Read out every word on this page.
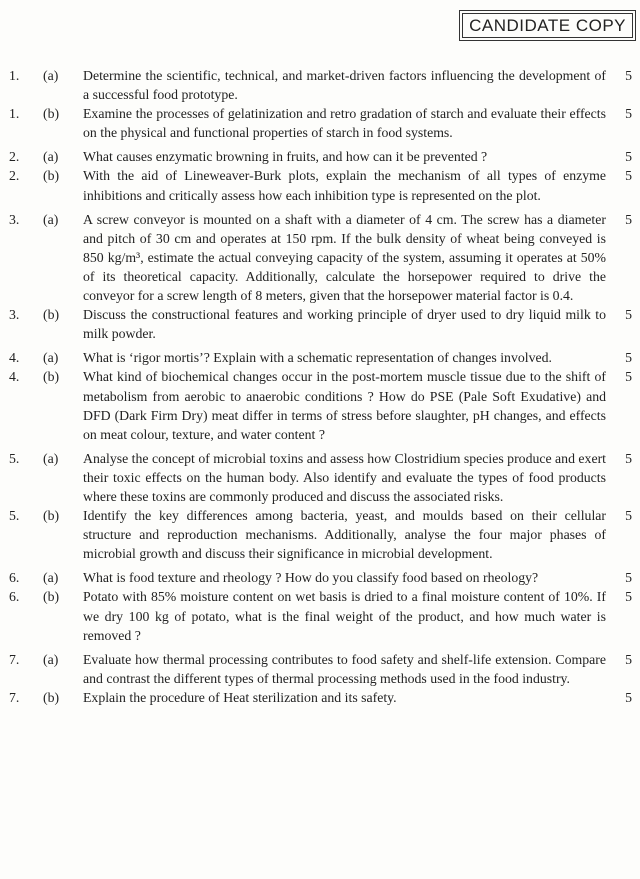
CANDIDATE COPY
1.	(a)	Determine the scientific, technical, and market-driven factors influencing the development of a successful food prototype.
5
1.	(b)	Examine the processes of gelatinization and retro gradation of starch and evaluate their effects on the physical and functional properties of starch in food systems.
5
2.	(a)	What causes enzymatic browning in fruits, and how can it be prevented ?	5
2.	(b)	With the aid of Lineweaver-Burk plots, explain the mechanism of all types of enzyme inhibitions and critically assess how each inhibition type is represented on the plot.
5
3.	(a)	A screw conveyor is mounted on a shaft with a diameter of 4 cm. The screw has a diameter and pitch of 30 cm and operates at 150 rpm. If the bulk density of wheat being conveyed is 850 kg/m³, estimate the actual conveying capacity of the system, assuming it operates at 50% of its theoretical capacity. Additionally, calculate the horsepower required to drive the conveyor for a screw length of 8 meters, given that the horsepower material factor is 0.4.
5
3.	(b)	Discuss the constructional features and working principle of dryer used to dry liquid milk to milk powder.
5
4.	(a)	What is ‘rigor mortis’? Explain with a schematic representation of changes involved.	5
4.	(b)	What kind of biochemical changes occur in the post-mortem muscle tissue due to the shift of metabolism from aerobic to anaerobic conditions ? How do PSE (Pale Soft Exudative) and DFD (Dark Firm Dry) meat differ in terms of stress before slaughter, pH changes, and effects on meat colour, texture, and water content ?
5
5.	(a)	Analyse the concept of microbial toxins and assess how Clostridium species produce and exert their toxic effects on the human body. Also identify and evaluate the types of food products where these toxins are commonly produced and discuss the associated risks.
5
5.	(b)	Identify the key differences among bacteria, yeast, and moulds based on their cellular structure and reproduction mechanisms. Additionally, analyse the four major phases of microbial growth and discuss their significance in microbial development.
5
6.	(a)	What is food texture and rheology ? How do you classify food based on rheology?	5
6.	(b)	Potato with 85% moisture content on wet basis is dried to a final moisture content of 10%. If we dry 100 kg of potato, what is the final weight of the product, and how much water is removed ?
5
7.	(a)	Evaluate how thermal processing contributes to food safety and shelf-life extension. Compare and contrast the different types of thermal processing methods used in the food industry.
5
7.	(b)	Explain the procedure of Heat sterilization and its safety.	5
